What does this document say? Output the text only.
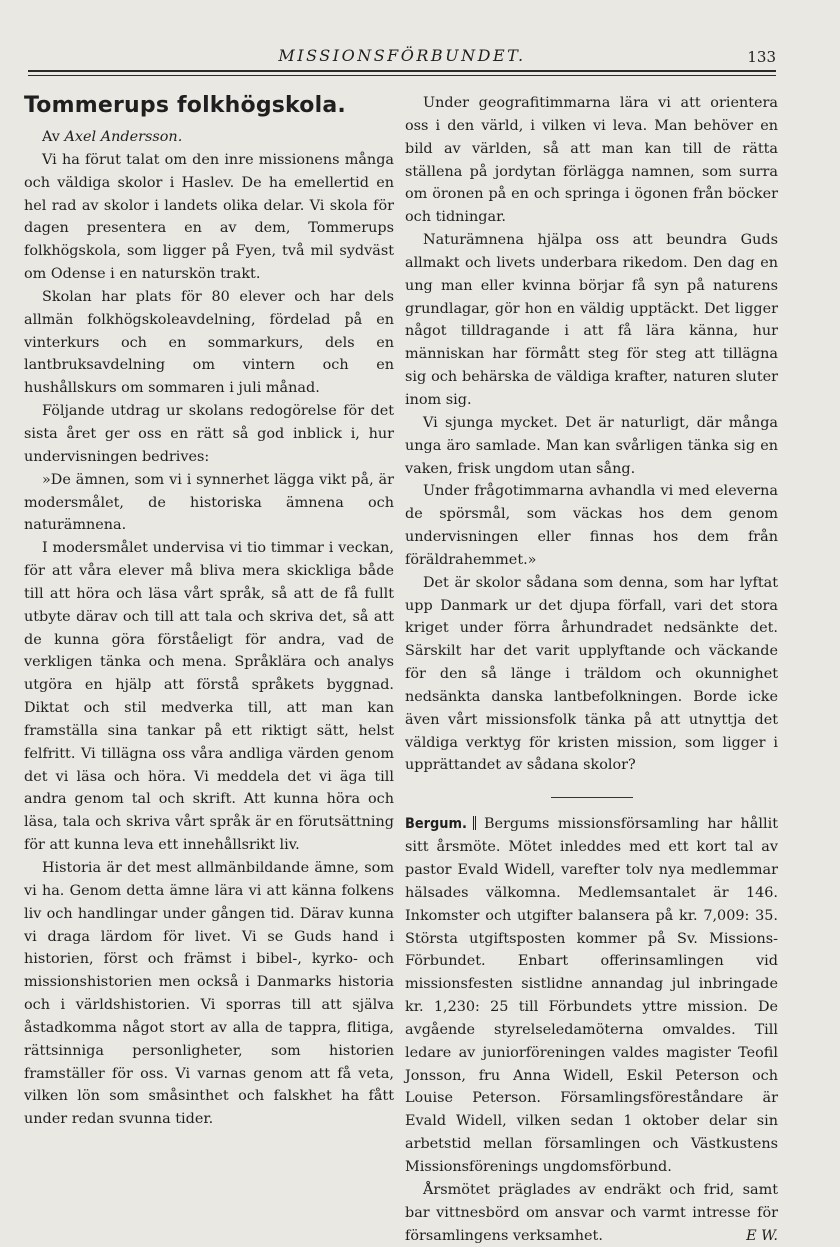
MISSIONSFÖRBUNDET.	133
Tommerups folkhögskola.

Av Axel Andersson.

Vi ha förut talat om den inre missionens många och väldiga skolor i Haslev. De ha emellertid en hel rad av skolor i landets olika delar. Vi skola för dagen presentera en av dem, Tommerups folkhögskola, som ligger på Fyen, två mil sydväst om Odense i en naturskön trakt.

Skolan har plats för 80 elever och har dels allmän folkhögskoleavdelning, fördelad på en vinterkurs och en sommarkurs, dels en lantbruksavdelning om vintern och en hushållskurs om sommaren i juli månad.

Följande utdrag ur skolans redogörelse för det sista året ger oss en rätt så god inblick i, hur undervisningen bedrives:

»De ämnen, som vi i synnerhet lägga vikt på, är modersmålet, de historiska ämnena och naturämnena.

I modersmålet undervisa vi tio timmar i veckan, för att våra elever må bliva mera skickliga både till att höra och läsa vårt språk, så att de få fullt utbyte därav och till att tala och skriva det, så att de kunna göra förståeligt för andra, vad de verkligen tänka och mena. Språklära och analys utgöra en hjälp att förstå språkets byggnad. Diktat och stil medverka till, att man kan framställa sina tankar på ett riktigt sätt, helst felfritt. Vi tillägna oss våra andliga värden genom det vi läsa och höra. Vi meddela det vi äga till andra genom tal och skrift. Att kunna höra och läsa, tala och skriva vårt språk är en förutsättning för att kunna leva ett innehållsrikt liv.

Historia är det mest allmänbildande ämne, som vi ha. Genom detta ämne lära vi att känna folkens liv och handlingar under gången tid. Därav kunna vi draga lärdom för livet. Vi se Guds hand i historien, först och främst i bibel-, kyrko- och missionshistorien men också i Danmarks historia och i världshistorien. Vi sporras till att själva åstadkomma något stort av alla de tappra, flitiga, rättsinniga personligheter, som historien framställer för oss. Vi varnas genom att få veta, vilken lön som småsinthet och falskhet ha fått under redan svunna tider.

Under geografitimmarna lära vi att orientera oss i den värld, i vilken vi leva. Man behöver en bild av världen, så att man kan till de rätta ställena på jordytan förlägga namnen, som surra om öronen på en och springa i ögonen från böcker och tidningar.

Naturämnena hjälpa oss att beundra Guds allmakt och livets underbara rikedom. Den dag en ung man eller kvinna börjar få syn på naturens grundlagar, gör hon en väldig upptäckt. Det ligger något tilldragande i att få lära känna, hur människan har förmått steg för steg att tillägna sig och behärska de väldiga krafter, naturen sluter inom sig.

Vi sjunga mycket. Det är naturligt, där många unga äro samlade. Man kan svårligen tänka sig en vaken, frisk ungdom utan sång.

Under frågotimmarna avhandla vi med eleverna de spörsmål, som väckas hos dem genom undervisningen eller finnas hos dem från föräldrahemmet.»

Det är skolor sådana som denna, som har lyftat upp Danmark ur det djupa förfall, vari det stora kriget under förra århundradet nedsänkte det. Särskilt har det varit upplyftande och väckande för den så länge i träldom och okunnighet nedsänkta danska lantbefolkningen. Borde icke även vårt missionsfolk tänka på att utnyttja det väldiga verktyg för kristen mission, som ligger i upprättandet av sådana skolor?

Bergum. Bergums missionsförsamling har hållit sitt årsmöte. Mötet inleddes med ett kort tal av pastor Evald Widell, varefter tolv nya medlemmar hälsades välkomna. Medlemsantalet är 146. Inkomster och utgifter balansera på kr. 7,009: 35. Största utgiftsposten kommer på Sv. Missions-Förbundet. Enbart offerinsamlingen vid missionsfesten sistlidne annandag jul inbringade kr. 1,230: 25 till Förbundets yttre mission. De avgående styrelseledamöterna omvaldes. Till ledare av juniorföreningen valdes magister Teofil Jonsson, fru Anna Widell, Eskil Peterson och Louise Peterson. Församlingsföreståndare är Evald Widell, vilken sedan 1 oktober delar sin arbetstid mellan församlingen och Västkustens Missionsförenings ungdomsförbund.

Årsmötet präglades av endräkt och frid, samt bar vittnesbörd om ansvar och varmt intresse för församlingens verksamhet.	E W.
